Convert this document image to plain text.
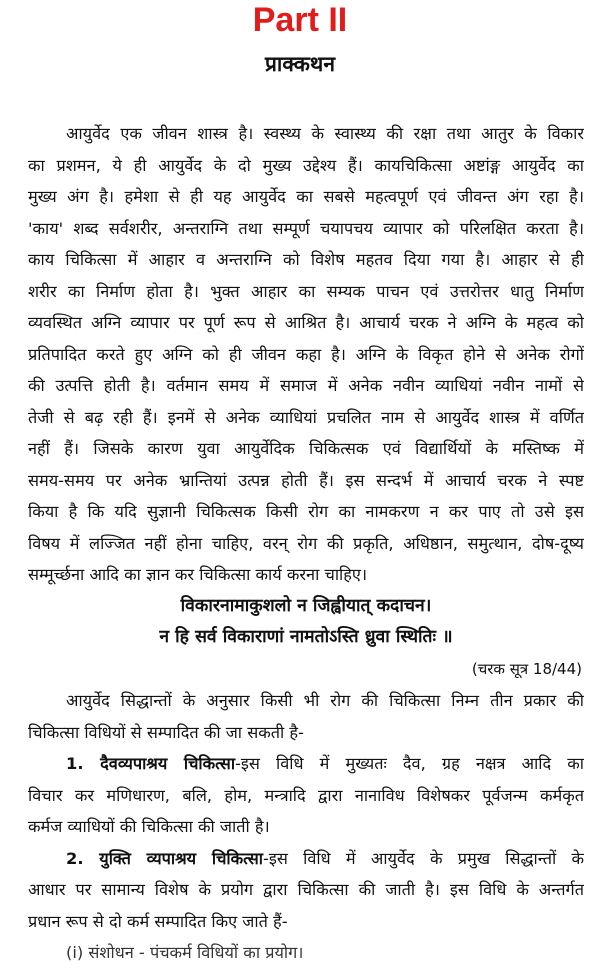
Part II
प्राक्कथन
आयुर्वेद एक जीवन शास्त्र है। स्वस्थ्य के स्वास्थ्य की रक्षा तथा आतुर के विकार
का प्रशमन, ये ही आयुर्वेद के दो मुख्य उद्देश्य हैं। कायचिकित्सा अष्टांङ्ग आयुर्वेद का
मुख्य अंग है। हमेशा से ही यह आयुर्वेद का सबसे महत्वपूर्ण एवं जीवन्त अंग रहा है।
'काय' शब्द सर्वशरीर, अन्तराग्नि तथा सम्पूर्ण चयापचय व्यापार को परिलक्षित करता है।
काय चिकित्सा में आहार व अन्तराग्नि को विशेष महतव दिया गया है। आहार से ही
शरीर का निर्माण होता है। भुक्त आहार का सम्यक पाचन एवं उत्तरोत्तर धातु निर्माण
व्यवस्थित अग्नि व्यापार पर पूर्ण रूप से आश्रित है। आचार्य चरक ने अग्नि के महत्व को
प्रतिपादित करते हुए अग्नि को ही जीवन कहा है। अग्नि के विकृत होने से अनेक रोगों
की उत्पत्ति होती है। वर्तमान समय में समाज में अनेक नवीन व्याधियां नवीन नामों से
तेजी से बढ़ रही हैं। इनमें से अनेक व्याधियां प्रचलित नाम से आयुर्वेद शास्त्र में वर्णित
नहीं हैं। जिसके कारण युवा आयुर्वेदिक चिकित्सक एवं विद्यार्थियों के मस्तिष्क में
समय-समय पर अनेक भ्रान्तियां उत्पन्न होती हैं। इस सन्दर्भ में आचार्य चरक ने स्पष्ट
किया है कि यदि सुज्ञानी चिकित्सक किसी रोग का नामकरण न कर पाए तो उसे इस
विषय में लज्जित नहीं होना चाहिए, वरन् रोग की प्रकृति, अधिष्ठान, समुत्थान, दोष-दूष्य
सम्मूर्च्छना आदि का ज्ञान कर चिकित्सा कार्य करना चाहिए।
विकारनामाकुशलो न जिह्वीयात् कदाचन।
न हि सर्व विकाराणां नामतोऽस्ति ध्रुवा स्थितिः ॥
(चरक सूत्र 18/44)
आयुर्वेद सिद्धान्तों के अनुसार किसी भी रोग की चिकित्सा निम्न तीन प्रकार की
चिकित्सा विधियों से सम्पादित की जा सकती है-
1. दैवव्यपाश्रय चिकित्सा-इस विधि में मुख्यतः दैव, ग्रह नक्षत्र आदि का
विचार कर मणिधारण, बलि, होम, मन्त्रादि द्वारा नानाविध विशेषकर पूर्वजन्म कर्मकृत
कर्मज व्याधियों की चिकित्सा की जाती है।
2. युक्ति व्यपाश्रय चिकित्सा-इस विधि में आयुर्वेद के प्रमुख सिद्धान्तों के
आधार पर सामान्य विशेष के प्रयोग द्वारा चिकित्सा की जाती है। इस विधि के अन्तर्गत
प्रधान रूप से दो कर्म सम्पादित किए जाते हैं-
(i) संशोधन - पंचकर्म विधियों का प्रयोग।
